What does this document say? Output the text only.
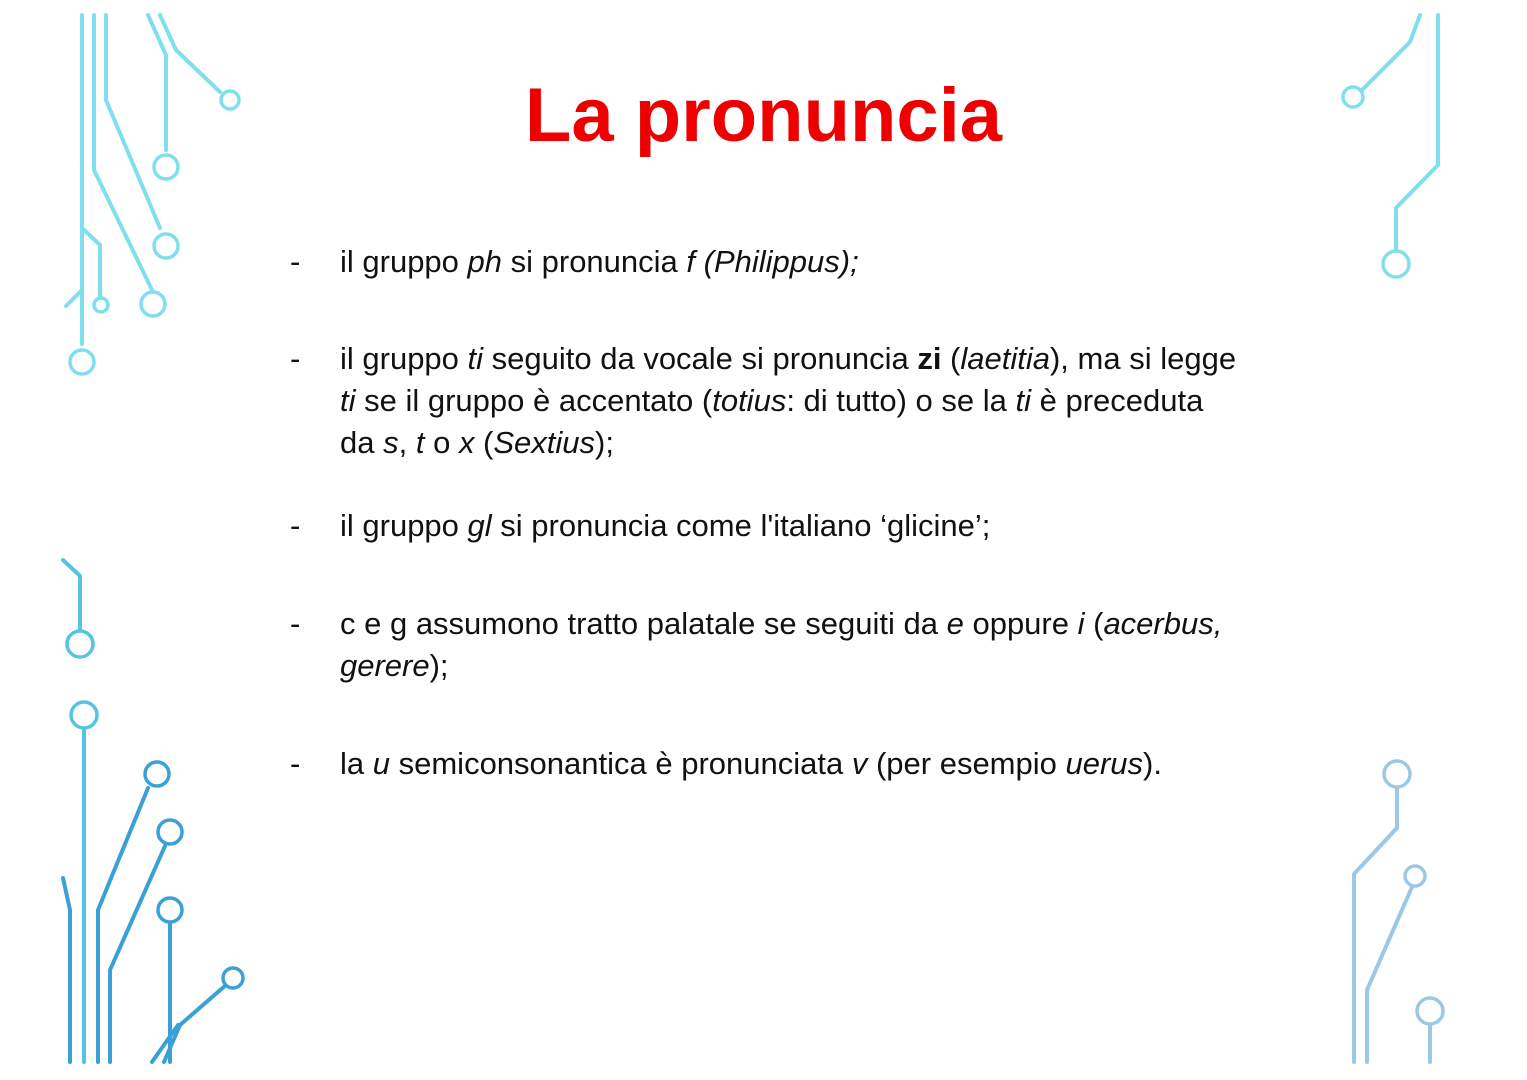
La pronuncia
-	il gruppo ph si pronuncia f (Philippus);
-	il gruppo ti seguito da vocale si pronuncia zi (laetitia), ma si legge ti se il gruppo è accentato (totius: di tutto) o se la ti è preceduta da s, t o x (Sextius);
-	il gruppo gl si pronuncia come l'italiano ‘glicine’;
-	c e g assumono tratto palatale se seguiti da e oppure i (acerbus, gerere);
-	la u semiconsonantica è pronunciata v (per esempio uerus).
